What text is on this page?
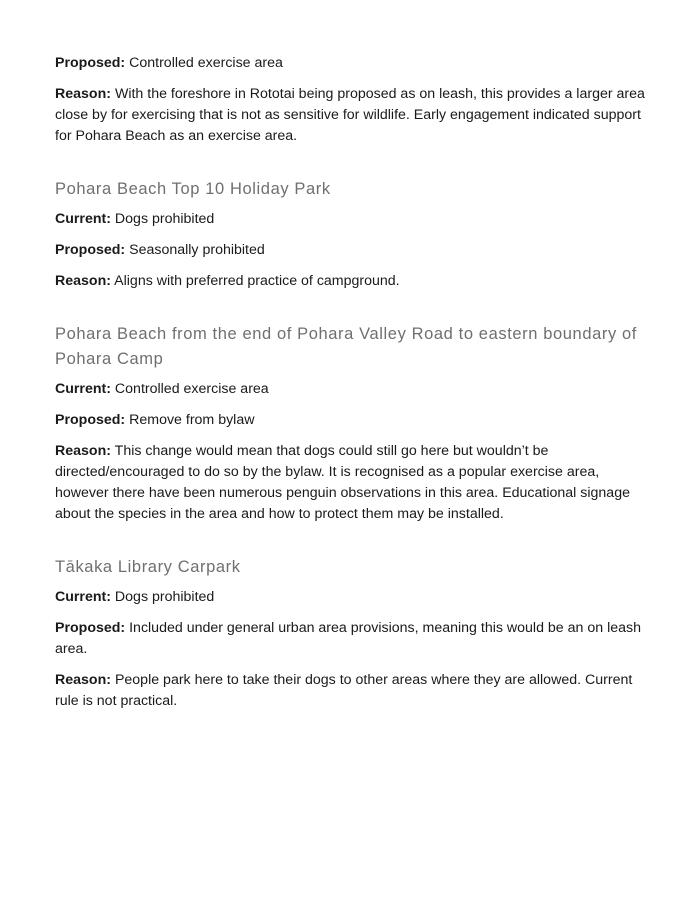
Proposed: Controlled exercise area

Reason: With the foreshore in Rototai being proposed as on leash, this provides a larger area close by for exercising that is not as sensitive for wildlife. Early engagement indicated support for Pohara Beach as an exercise area.

Pohara Beach Top 10 Holiday Park

Current: Dogs prohibited

Proposed: Seasonally prohibited

Reason: Aligns with preferred practice of campground.

Pohara Beach from the end of Pohara Valley Road to eastern boundary of Pohara Camp

Current: Controlled exercise area

Proposed: Remove from bylaw

Reason: This change would mean that dogs could still go here but wouldn’t be directed/encouraged to do so by the bylaw. It is recognised as a popular exercise area, however there have been numerous penguin observations in this area. Educational signage about the species in the area and how to protect them may be installed.

Tākaka Library Carpark

Current: Dogs prohibited

Proposed: Included under general urban area provisions, meaning this would be an on leash area.

Reason: People park here to take their dogs to other areas where they are allowed. Current rule is not practical.
